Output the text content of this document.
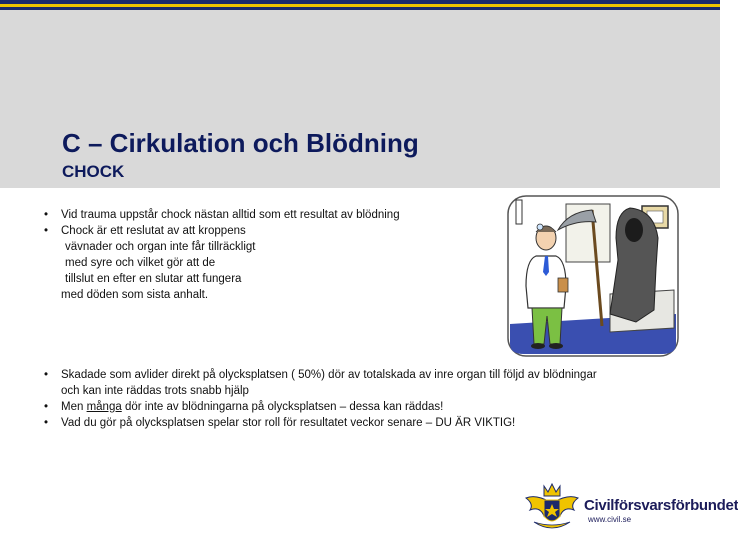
C – Cirkulation och Blödning
CHOCK
• Vid trauma uppstår chock nästan alltid som ett resultat av blödning
• Chock är ett reslutat av att kroppens
vävnader och organ inte får tillräckligt
med syre och vilket gör att de
tillslut en efter en slutar att fungera
med döden som sista anhalt.
• Skadade som avlider direkt på olycksplatsen ( 50%) dör av totalskada av inre organ till följd av blödningar
och kan inte räddas trots snabb hjälp
• Men många dör inte av blödningarna på olycksplatsen – dessa kan räddas!
• Vad du gör på olycksplatsen spelar stor roll för resultatet veckor senare – DU ÄR VIKTIG!
Civilförsvarsförbundet
www.civil.se
